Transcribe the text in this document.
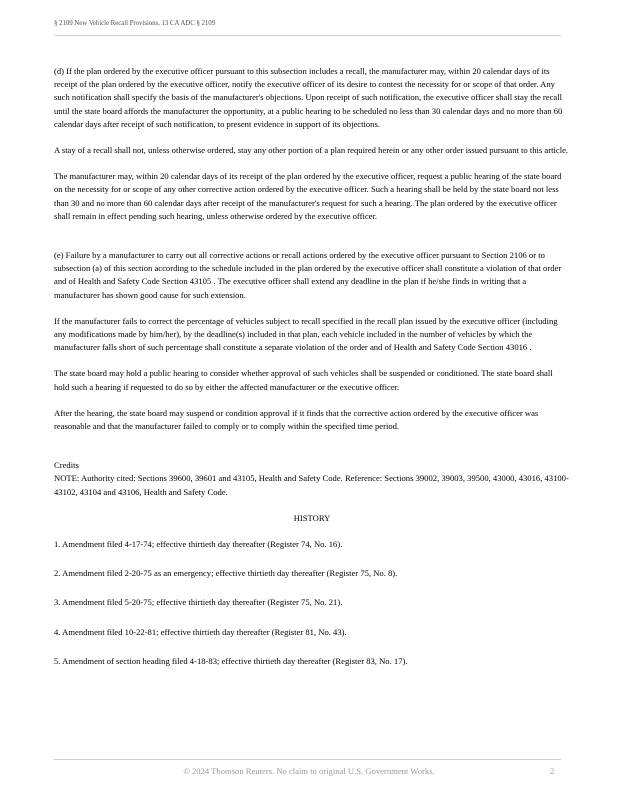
§ 2109 New Vehicle Recall Provisions, 13 CA ADC § 2109

(d) If the plan ordered by the executive officer pursuant to this subsection includes a recall, the manufacturer may, within 20 calendar days of its receipt of the plan ordered by the executive officer, notify the executive officer of its desire to contest the necessity for or scope of that order. Any such notification shall specify the basis of the manufacturer's objections. Upon receipt of such notification, the executive officer shall stay the recall until the state board affords the manufacturer the opportunity, at a public hearing to be scheduled no less than 30 calendar days and no more than 60 calendar days after receipt of such notification, to present evidence in support of its objections.

A stay of a recall shall not, unless otherwise ordered, stay any other portion of a plan required herein or any other order issued pursuant to this article.

The manufacturer may, within 20 calendar days of its receipt of the plan ordered by the executive officer, request a public hearing of the state board on the necessity for or scope of any other corrective action ordered by the executive officer. Such a hearing shall be held by the state board not less than 30 and no more than 60 calendar days after receipt of the manufacturer's request for such a hearing. The plan ordered by the executive officer shall remain in effect pending such hearing, unless otherwise ordered by the executive officer.

(e) Failure by a manufacturer to carry out all corrective actions or recall actions ordered by the executive officer pursuant to Section 2106 or to subsection (a) of this section according to the schedule included in the plan ordered by the executive officer shall constitute a violation of that order and of Health and Safety Code Section 43105 . The executive officer shall extend any deadline in the plan if he/she finds in writing that a manufacturer has shown good cause for such extension.

If the manufacturer fails to correct the percentage of vehicles subject to recall specified in the recall plan issued by the executive officer (including any modifications made by him/her), by the deadline(s) included in that plan, each vehicle included in the number of vehicles by which the manufacturer falls short of such percentage shall constitute a separate violation of the order and of Health and Safety Code Section 43016 .

The state board may hold a public hearing to consider whether approval of such vehicles shall be suspended or conditioned. The state board shall hold such a hearing if requested to do so by either the affected manufacturer or the executive officer.

After the hearing, the state board may suspend or condition approval if it finds that the corrective action ordered by the executive officer was reasonable and that the manufacturer failed to comply or to comply within the specified time period.

Credits
NOTE: Authority cited: Sections 39600, 39601 and 43105, Health and Safety Code. Reference: Sections 39002, 39003, 39500, 43000, 43016, 43100-43102, 43104 and 43106, Health and Safety Code.
HISTORY
1. Amendment filed 4-17-74; effective thirtieth day thereafter (Register 74, No. 16).
2. Amendment filed 2-20-75 as an emergency; effective thirtieth day thereafter (Register 75, No. 8).
3. Amendment filed 5-20-75; effective thirtieth day thereafter (Register 75, No. 21).
4. Amendment filed 10-22-81; effective thirtieth day thereafter (Register 81, No. 43).
5. Amendment of section heading filed 4-18-83; effective thirtieth day thereafter (Register 83, No. 17).
© 2024 Thomson Reuters. No claim to original U.S. Government Works.	2
